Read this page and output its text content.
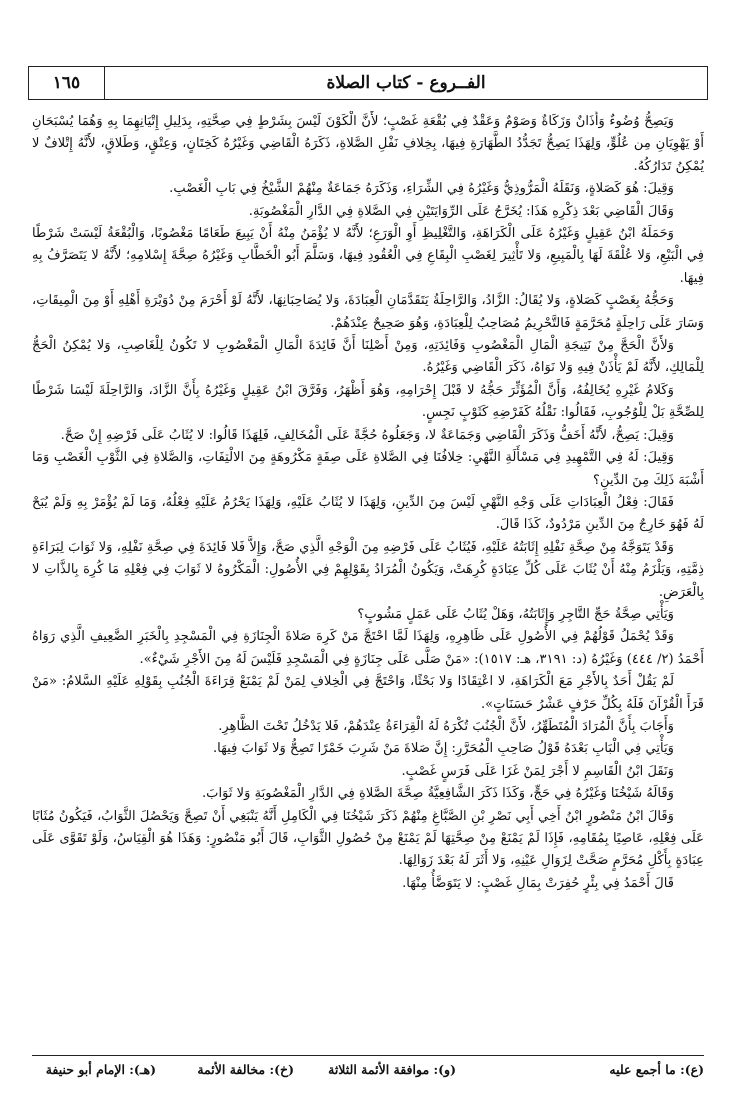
١٦٥	الفــروع - كتاب الصلاة

وَيَصِحُّ وُضُوءٌ وَأَذَانٌ وَزَكَاةٌ وَصَوْمٌ وَعَقْدٌ فِي بُقْعَةِ غَصْبٍ؛ لأَنَّ الْكَوْنَ لَيْسَ بِشَرْطٍ فِي صِحَّتِهِ، بِدَلِيلِ إِتْيَانِهِمَا بِهِ وَهُمَا يُسْبَحَانِ أَوْ يَهْوِيَانِ مِن عُلُوٍّ، وَلِهَذَا يَصِحُّ تَجَدُّدُ الطَّهَارَةِ فِيهَا، بِخِلافِ نَفْلِ الصَّلاةِ، ذَكَرَهُ الْقَاضِي وَغَيْرُهُ كَخِتَانٍ، وَعِتْقٍ، وَطَلاقٍ، لأَنَّهُ إِتْلافٌ لا يُمْكِنُ تَدَارُكُهُ.

وَقِيلَ: هُوَ كَصَلاةٍ، وَنَقَلَهُ الْمَرُّوذِيُّ وَغَيْرُهُ فِي الشِّرَاءِ، وَذَكَرَهُ جَمَاعَةٌ مِنْهُمْ الشَّيْخُ فِي بَابِ الْغَصْبِ.

وَقَالَ الْقَاضِي بَعْدَ ذِكْرِهِ هَذَا: يُخَرَّجُ عَلَى الرِّوَايَتَيْنِ فِي الصَّلاةِ فِي الدَّارِ الْمَغْصُوبَةِ.

وَحَمَلَهُ ابْنُ عَقِيلٍ وَغَيْرُهُ عَلَى الْكَرَاهَةِ، وَالتَّغْلِيظِ أَوِ الْوَرَعِ؛ لأَنَّهُ لا يُؤْمَنُ مِنْهُ أَنْ يَبِيعَ طَعَامًا مَغْصُوبًا، وَالْبُقْعَةُ لَيْسَتْ شَرْطًا فِي الْبَيْعِ، وَلا عُلْقَةَ لَهَا بِالْمَبِيعِ، وَلا تَأْثِيرَ لِغَصْبِ الْبِقَاعِ فِي الْعُقُودِ فِيهَا، وَسَلَّمَ أَبُو الْخَطَّابِ وَغَيْرُهُ صِحَّةَ إِسْلامِهِ؛ لأَنَّهُ لا يَتَصَرَّفُ بِهِ فِيهَا.

وَحَجُّهُ بِغَصْبٍ كَصَلاةٍ، وَلا يُقَالُ: الزَّادُ، وَالرَّاحِلَةُ يَتَقَدَّمَانِ الْعِبَادَةَ، وَلا يُصَاحِبَانِهَا، لأَنَّهُ لَوْ أَحْرَمَ مِنْ دُوَيْرَةِ أَهْلِهِ أَوْ مِنَ الْمِيقَاتِ، وَسَارَ عَلَى رَاحِلَةٍ مُحَرَّمَةٍ فَالتَّحْرِيمُ مُصَاحِبٌ لِلْعِبَادَةِ، وَهُوَ صَحِيحٌ عِنْدَهُمْ.

وَلأَنَّ الْحَجَّ مِنْ نَتِيجَةِ الْمَالِ الْمَغْصُوبِ وَفَائِدَتِهِ، وَمِنْ أَصْلِنَا أَنَّ فَائِدَةَ الْمَالِ الْمَغْصُوبِ لا تَكُونُ لِلْغَاصِبِ، وَلا يُمْكِنُ الْحَجُّ لِلْمَالِكِ، لأَنَّهُ لَمْ يَأْذَنْ فِيهِ وَلا نَوَاهُ، ذَكَرَ الْقَاضِي وَغَيْرُهُ.

وَكَلامُ غَيْرِهِ يُخَالِفُهُ، وَأَنَّ الْمُؤَثِّرَ حَجُّهُ لا قَبْلَ إِحْرَامِهِ، وَهُوَ أَظْهَرُ، وَفَرَّقَ ابْنُ عَقِيلٍ وَغَيْرُهُ بِأَنَّ الزَّادَ، وَالرَّاحِلَةَ لَيْسَا شَرْطًا لِلصِّحَّةِ بَلْ لِلْوُجُوبِ، فَقَالُوا: نَقْلُهُ كَفَرْضِهِ كَثَوْبٍ نَجِسٍ.

وَقِيلَ: يَصِحُّ، لأَنَّهُ أَخَفُّ وَذَكَرَ الْقَاضِي وَجَمَاعَةٌ لا، وَجَعَلُوهُ حُجَّةً عَلَى الْمُخَالِفِ، فَلِهَذَا قَالُوا: لا يُثَابُ عَلَى فَرْضِهِ إِنْ صَحَّ.

وَقِيلَ: لَهُ فِي التَّمْهِيدِ فِي مَسْأَلَةِ النَّهْيِ: خِلافُنَا فِي الصَّلاةِ عَلَى صِفَةٍ مَكْرُوهَةٍ مِنَ الالْتِفَاتِ، وَالصَّلاةِ فِي الثَّوْبِ الْغَصْبِ وَمَا أَشْبَهَ ذَلِكَ مِنَ الدِّينِ؟

فَقَالَ: فِعْلُ الْعِبَادَاتِ عَلَى وَجْهِ النَّهْيِ لَيْسَ مِنَ الدِّينِ، وَلِهَذَا لا يُثَابُ عَلَيْهِ، وَلِهَذَا يَحْرُمُ عَلَيْهِ فِعْلُهُ، وَمَا لَمْ يُؤْمَرْ بِهِ وَلَمْ يُبَحْ لَهُ فَهُوَ خَارِجٌ مِنَ الدِّينِ مَرْدُودٌ، كَذَا قَالَ.

وَقَدْ يَتَوَجَّهُ مِنْ صِحَّةِ نَفْلِهِ إِثَابَتُهُ عَلَيْهِ، فَيُثَابُ عَلَى فَرْضِهِ مِنَ الْوَجْهِ الَّذِي صَحَّ، وَإِلاَّ فَلا فَائِدَةَ فِي صِحَّةِ نَفْلِهِ، وَلا ثَوَابَ لِبَرَاءَةِ ذِمَّتِهِ، وَيَلْزَمُ مِنْهُ أَنْ يُثَابَ عَلَى كُلِّ عِبَادَةٍ كُرِهَتْ، وَيَكُونُ الْمُرَادُ بِقَوْلِهِمْ فِي الأُصُولِ: الْمَكْرُوهُ لا ثَوَابَ فِي فِعْلِهِ مَا كُرِهَ بِالذَّاتِ لا بِالْعَرَضِ.

وَيَأْتِي صِحَّةُ حَجِّ التَّاجِرِ وَإِثَابَتُهُ، وَهَلْ يُثَابُ عَلَى عَمَلٍ مَشُوبٍ؟

وَقَدْ يُحْمَلُ قَوْلُهُمْ فِي الأُصُولِ عَلَى ظَاهِرِهِ، وَلِهَذَا لَمَّا احْتَجَّ مَنْ كَرِهَ صَلاةَ الْجِنَازَةِ فِي الْمَسْجِدِ بِالْخَبَرِ الضَّعِيفِ الَّذِي رَوَاهُ أَحْمَدُ (٢/ ٤٤٤) وَغَيْرُهُ (د: ٣١٩١، هـ: ١٥١٧): «مَنْ صَلَّى عَلَى جِنَازَةٍ فِي الْمَسْجِدِ فَلَيْسَ لَهُ مِنَ الأَجْرِ شَيْءٌ».

لَمْ يَقُلْ أَحَدٌ بِالأَجْرِ مَعَ الْكَرَاهَةِ، لا اعْتِقَادًا وَلا بَحْثًا، وَاحْتَجَّ فِي الْخِلافِ لِمَنْ لَمْ يَمْنَعْ قِرَاءَةَ الْجُنُبِ بِقَوْلِهِ عَلَيْهِ السَّلامُ: «مَنْ قَرَأَ الْقُرْآنَ فَلَهُ بِكُلِّ حَرْفٍ عَشْرُ حَسَنَاتٍ».

وَأَجَابَ بِأَنَّ الْمُرَادَ الْمُتَطَهِّرُ، لأَنَّ الْجُنُبَ تُكْرَهُ لَهُ الْقِرَاءَةُ عِنْدَهُمْ، فَلا يَدْخُلُ تَحْتَ الظَّاهِرِ.

وَيَأْتِي فِي الْبَابِ بَعْدَهُ قَوْلُ صَاحِبِ الْمُحَرَّرِ: إِنَّ صَلاةَ مَنْ شَرِبَ خَمْرًا تَصِحُّ وَلا ثَوَابَ فِيهَا.

وَنَقَلَ ابْنُ الْقَاسِمِ لا أَجْرَ لِمَنْ غَزَا عَلَى فَرَسٍ غَصْبٍ.

وَقَالَهُ شَيْخُنَا وَغَيْرُهُ فِي حَجٍّ، وَكَذَا ذَكَرَ الشَّافِعِيَّةُ صِحَّةَ الصَّلاةِ فِي الدَّارِ الْمَغْصُوبَةِ وَلا ثَوَابَ.

وَقَالَ ابْنُ مَنْصُورٍ ابْنُ أَخِي أَبِي نَصْرِ بْنِ الصَّبَّاغِ مِنْهُمْ ذَكَرَ شَيْخُنَا فِي الْكَامِلِ أَنَّهُ يَنْبَغِي أَنْ تَصِحَّ وَيَحْصُلَ الثَّوَابُ، فَيَكُونُ مُثَابًا عَلَى فِعْلِهِ، عَاصِيًا بِمُقَامِهِ، فَإِذَا لَمْ يَمْنَعْ مِنْ صِحَّتِهَا لَمْ يَمْنَعْ مِنْ حُصُولِ الثَّوَابِ، قَالَ أَبُو مَنْصُورٍ: وَهَذَا هُوَ الْقِيَاسُ، وَلَوْ تَقَوَّى عَلَى عِبَادَةٍ بِأَكْلِ مُحَرَّمٍ صَحَّتْ لِزَوَالِ عَيْنِهِ، وَلا أَثَرَ لَهُ بَعْدَ زَوَالِهَا.

قَالَ أَحْمَدُ فِي بِئْرٍ حُفِرَتْ بِمَالِ غَصْبٍ: لا يَتَوَضَّأُ مِنْهَا.

(ع): ما أجمع عليه
(و): موافقة الأئمة الثلاثة
(خ): مخالفة الأئمة
(هـ): الإمام أبو حنيفة
